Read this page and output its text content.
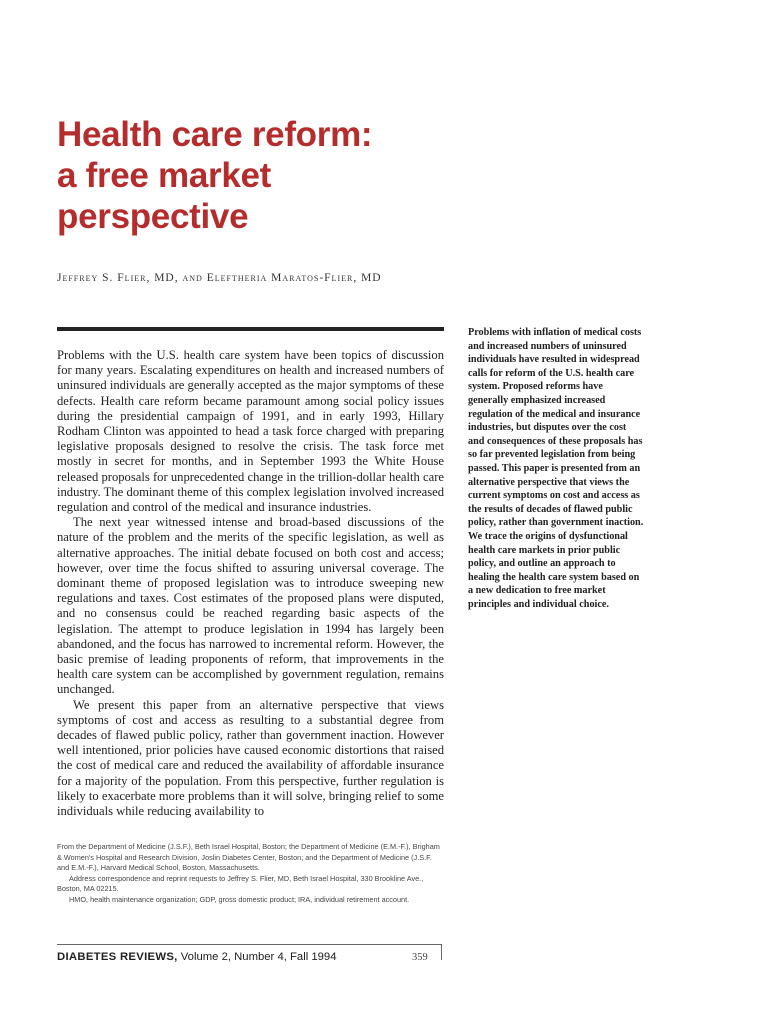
Health care reform:
a free market
perspective
Jeffrey S. Flier, MD, and Eleftheria Maratos-Flier, MD

Problems with the U.S. health care system have been topics of discussion for many years. Escalating expenditures on health and increased numbers of uninsured individuals are generally accepted as the major symptoms of these defects. Health care reform became paramount among social policy issues during the presidential campaign of 1991, and in early 1993, Hillary Rodham Clinton was appointed to head a task force charged with preparing legislative proposals designed to resolve the crisis. The task force met mostly in secret for months, and in September 1993 the White House released proposals for unprecedented change in the trillion-dollar health care industry. The dominant theme of this complex legislation involved increased regulation and control of the medical and insurance industries.

The next year witnessed intense and broad-based discussions of the nature of the problem and the merits of the specific legislation, as well as alternative approaches. The initial debate focused on both cost and access; however, over time the focus shifted to assuring universal coverage. The dominant theme of proposed legislation was to introduce sweeping new regulations and taxes. Cost estimates of the proposed plans were disputed, and no consensus could be reached regarding basic aspects of the legislation. The attempt to produce legislation in 1994 has largely been abandoned, and the focus has narrowed to incremental reform. However, the basic premise of leading proponents of reform, that improvements in the health care system can be accomplished by government regulation, remains unchanged.

We present this paper from an alternative perspective that views symptoms of cost and access as resulting to a substantial degree from decades of flawed public policy, rather than government inaction. However well intentioned, prior policies have caused economic distortions that raised the cost of medical care and reduced the availability of affordable insurance for a majority of the population. From this perspective, further regulation is likely to exacerbate more problems than it will solve, bringing relief to some individuals while reducing availability to

Problems with inflation of medical costs and increased numbers of uninsured individuals have resulted in widespread calls for reform of the U.S. health care system. Proposed reforms have generally emphasized increased regulation of the medical and insurance industries, but disputes over the cost and consequences of these proposals has so far prevented legislation from being passed. This paper is presented from an alternative perspective that views the current symptoms on cost and access as the results of decades of flawed public policy, rather than government inaction. We trace the origins of dysfunctional health care markets in prior public policy, and outline an approach to healing the health care system based on a new dedication to free market principles and individual choice.

From the Department of Medicine (J.S.F.), Beth Israel Hospital, Boston; the Department of Medicine (E.M.-F.), Brigham & Women's Hospital and Research Division, Joslin Diabetes Center, Boston; and the Department of Medicine (J.S.F. and E.M.-F.), Harvard Medical School, Boston, Massachusetts.

Address correspondence and reprint requests to Jeffrey S. Flier, MD, Beth Israel Hospital, 330 Brookline Ave., Boston, MA 02215.

HMO, health maintenance organization; GDP, gross domestic product; IRA, individual retirement account.

DIABETES REVIEWS, Volume 2, Number 4, Fall 1994	359
